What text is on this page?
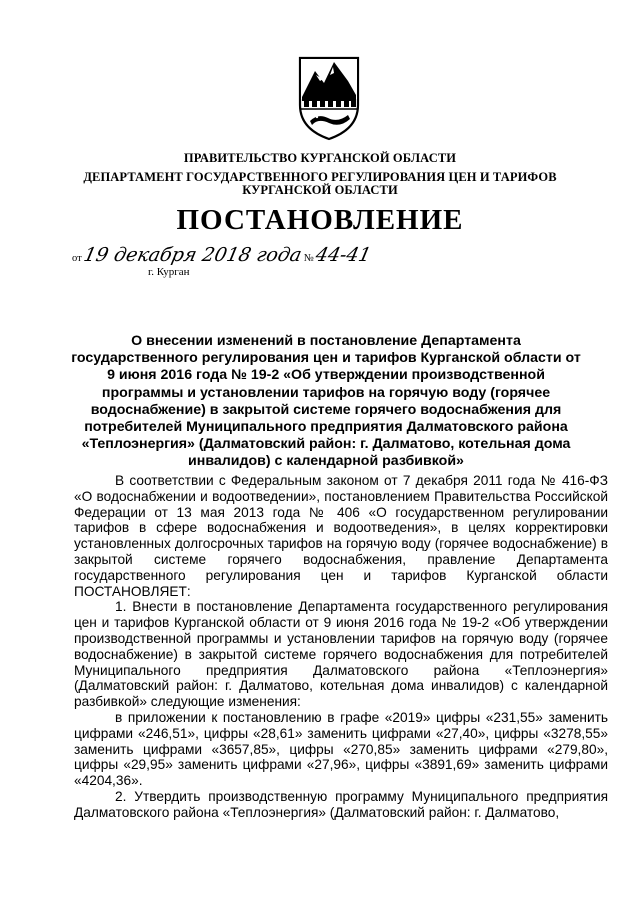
ПРАВИТЕЛЬСТВО КУРГАНСКОЙ ОБЛАСТИ
ДЕПАРТАМЕНТ ГОСУДАРСТВЕННОГО РЕГУЛИРОВАНИЯ ЦЕН И ТАРИФОВ
КУРГАНСКОЙ ОБЛАСТИ
ПОСТАНОВЛЕНИЕ
от19 декабря 2018 года №44-41
г. Курган
О внесении изменений в постановление Департамента государственного регулирования цен и тарифов Курганской области от 9 июня 2016 года № 19-2 «Об утверждении производственной программы и установлении тарифов на горячую воду (горячее водоснабжение) в закрытой системе горячего водоснабжения для потребителей Муниципального предприятия Далматовского района «Теплоэнергия» (Далматовский район: г. Далматово, котельная дома инвалидов) с календарной разбивкой»

В соответствии с Федеральным законом от 7 декабря 2011 года № 416-ФЗ «О водоснабжении и водоотведении», постановлением Правительства Российской Федерации от 13 мая 2013 года № 406 «О государственном регулировании тарифов в сфере водоснабжения и водоотведения», в целях корректировки установленных долгосрочных тарифов на горячую воду (горячее водоснабжение) в закрытой системе горячего водоснабжения, правление Департамента государственного регулирования цен и тарифов Курганской области ПОСТАНОВЛЯЕТ:

1. Внести в постановление Департамента государственного регулирования цен и тарифов Курганской области от 9 июня 2016 года № 19-2 «Об утверждении производственной программы и установлении тарифов на горячую воду (горячее водоснабжение) в закрытой системе горячего водоснабжения для потребителей Муниципального предприятия Далматовского района «Теплоэнергия» (Далматовский район: г. Далматово, котельная дома инвалидов) с календарной разбивкой» следующие изменения:

в приложении к постановлению в графе «2019» цифры «231,55» заменить цифрами «246,51», цифры «28,61» заменить цифрами «27,40», цифры «3278,55» заменить цифрами «3657,85», цифры «270,85» заменить цифрами «279,80», цифры «29,95» заменить цифрами «27,96», цифры «3891,69» заменить цифрами «4204,36».

2. Утвердить производственную программу Муниципального предприятия Далматовского района «Теплоэнергия» (Далматовский район: г. Далматово,
